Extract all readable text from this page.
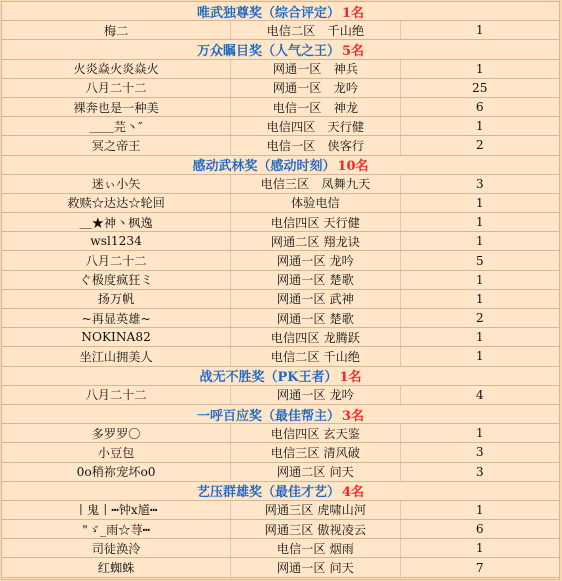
唯武独尊奖（综合评定） 1名
梅二	电信二区　千山绝	1
万众瞩目奖（人气之王） 5名
火炎焱火炎焱火	网通一区　神兵	1
八月二十二	网通一区　龙吟	25
裸奔也是一种美	电信一区　神龙	6
＿＿芫丶″	电信四区　天行健	1
冥之帝王	电信一区　侠客行	2
感动武林奖（感动时刻） 10名
迷ぃ小矢	电信三区　凤舞九天	3
救赎☆达达☆轮回	体验电信	1
＿★神丶枫逸	电信四区 天行健	1
wsl1234	网通二区 翔龙诀	1
八月二十二	网通一区 龙吟	5
ぐ极度疯狂ミ	网通一区 楚歌	1
扬万帆	网通一区 武神	1
~再显英雄~	网通一区 楚歌	2
NOKINA82	电信四区 龙腾跃	1
坐江山拥美人	电信二区 千山绝	1
战无不胜奖（PK王者） 1名
八月二十二	网通一区 龙吟	4
一呼百应奖（最佳帮主） 3名
多罗罗〇	电信四区 玄天鉴	1
小豆包	电信三区 清风破	3
0o稍祢宠坏o0	网通二区 问天	3
艺压群雄奖（最佳才艺） 4名
丨鬼丨┅钟x馗┅	网通三区 虎啸山河	1
"ゞ_雨☆荨┅	网通三区 傲视凌云	6
司徒涣泠	电信一区 烟雨	1
红蜘蛛	网通一区 问天	7
